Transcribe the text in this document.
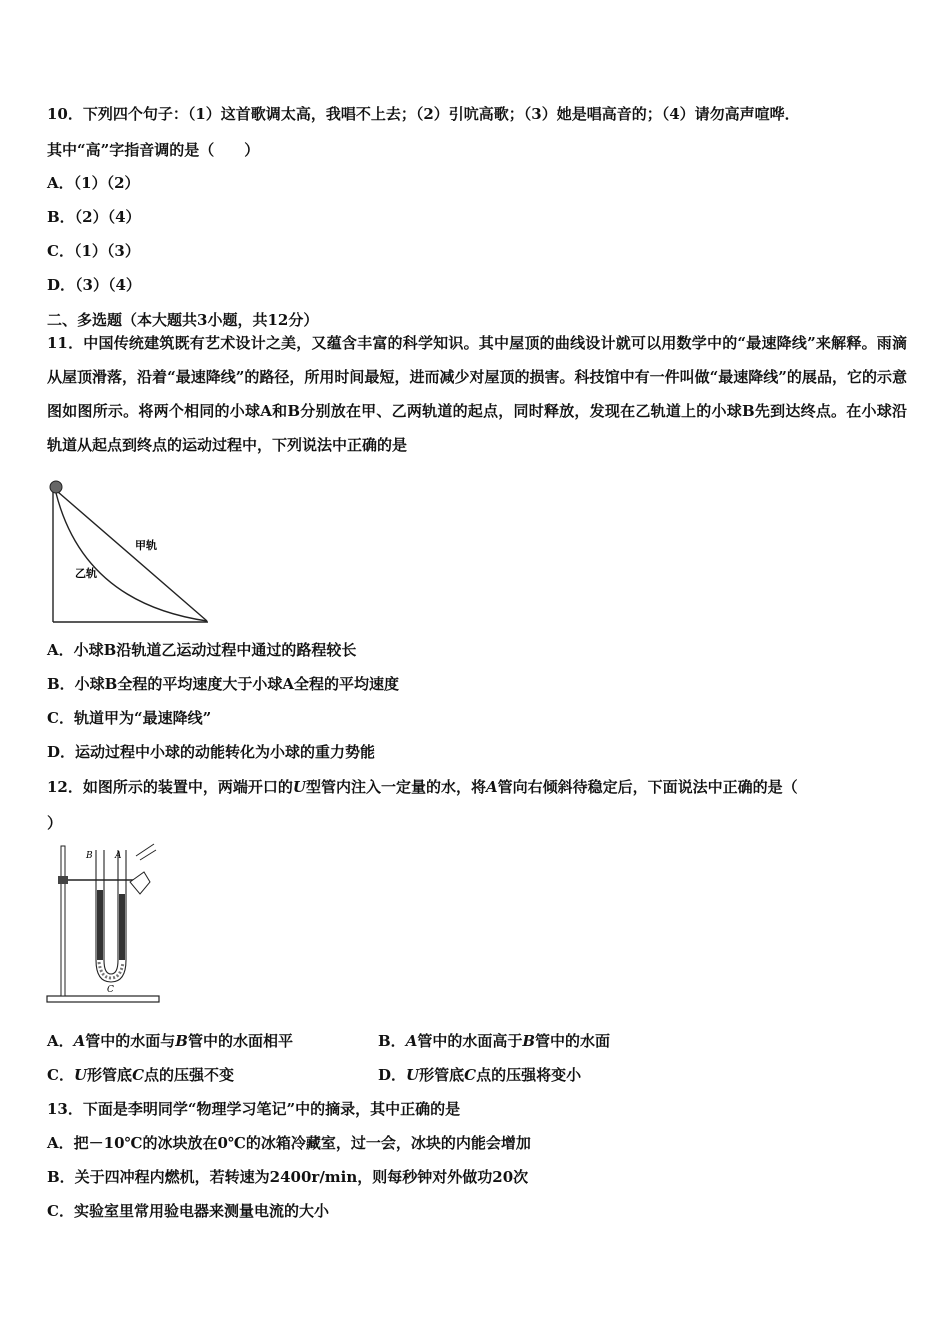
10．下列四个句子：（1）这首歌调太高，我唱不上去；（2）引吭高歌；（3）她是唱高音的；（4）请勿高声喧哗．
其中“高”字指音调的是（　　）
A．（1）（2）
B．（2）（4）
C．（1）（3）
D．（3）（4）
二、多选题（本大题共3小题，共12分）
11．中国传统建筑既有艺术设计之美，又蕴含丰富的科学知识。其中屋顶的曲线设计就可以用数学中的“最速降线”来解释。雨滴从屋顶滑落，沿着“最速降线”的路径，所用时间最短，进而减少对屋顶的损害。科技馆中有一件叫做“最速降线”的展品，它的示意图如图所示。将两个相同的小球A和B分别放在甲、乙两轨道的起点，同时释放，发现在乙轨道上的小球B先到达终点。在小球沿轨道从起点到终点的运动过程中，下列说法中正确的是
甲轨
乙轨
A．小球B沿轨道乙运动过程中通过的路程较长
B．小球B全程的平均速度大于小球A全程的平均速度
C．轨道甲为“最速降线”
D．运动过程中小球的动能转化为小球的重力势能
12．如图所示的装置中，两端开口的U型管内注入一定量的水，将A管向右倾斜待稳定后，下面说法中正确的是（
）
B A
C
A．A管中的水面与B管中的水面相平	B．A管中的水面高于B管中的水面
C．U形管底C点的压强不变	D．U形管底C点的压强将变小
13．下面是李明同学“物理学习笔记”中的摘录，其中正确的是
A．把－10℃的冰块放在0℃的冰箱冷藏室，过一会，冰块的内能会增加
B．关于四冲程内燃机，若转速为2400r/min，则每秒钟对外做功20次
C．实验室里常用验电器来测量电流的大小
